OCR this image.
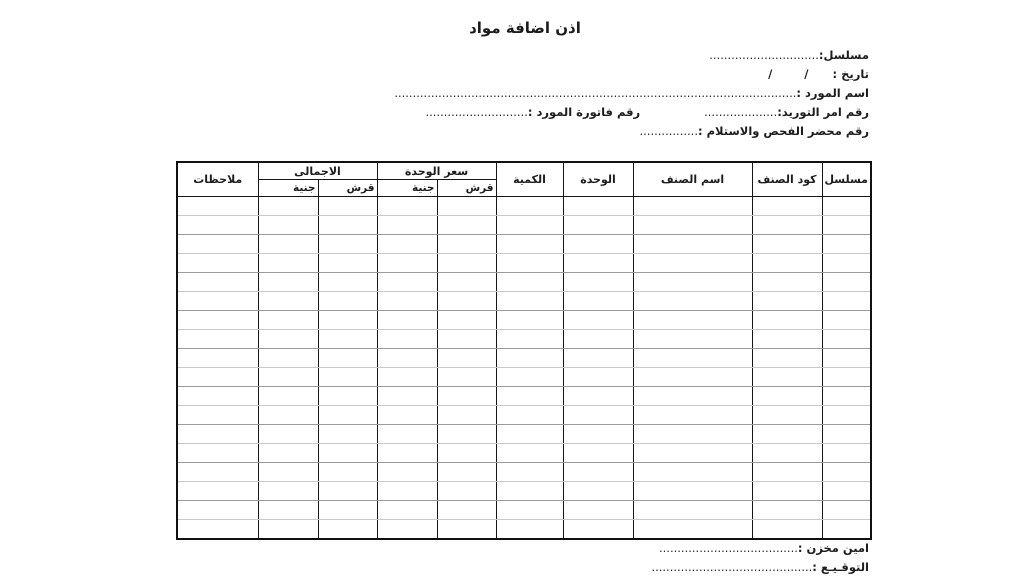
اذن اضافة مواد
مسلسل:..............................
تاريخ :      /        /
اسم المورد :..............................................................................................................
رقم امر التوريد:....................
رقم فاتورة المورد :............................
رقم محضر الفحص والاستلام :................
مسلسل	كود الصنف	اسم الصنف	الوحدة	الكمية	سعر الوحدة		الاجمالى		ملاحظات
					قرش	جنية	قرش	جنية	

امين مخزن :......................................
التوقـيـع :............................................
